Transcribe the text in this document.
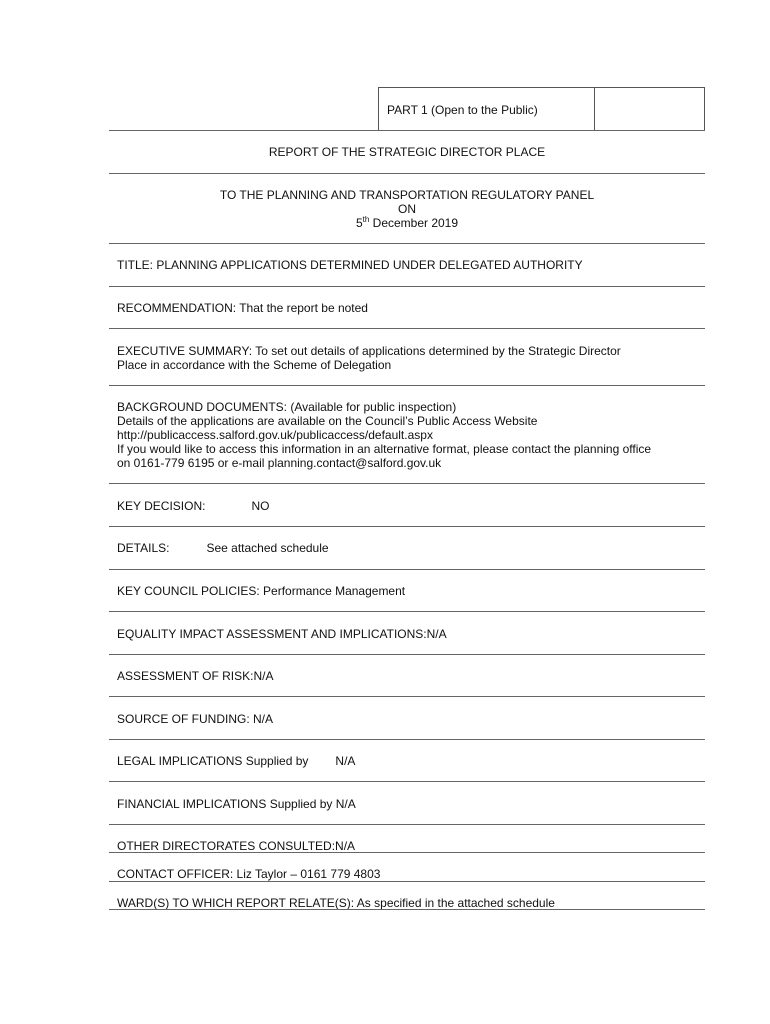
PART 1 (Open to the Public)
REPORT OF THE STRATEGIC DIRECTOR PLACE
TO THE PLANNING AND TRANSPORTATION REGULATORY PANEL
ON
5th December 2019
TITLE: PLANNING APPLICATIONS DETERMINED UNDER DELEGATED AUTHORITY
RECOMMENDATION: That the report be noted
EXECUTIVE SUMMARY: To set out details of applications determined by the Strategic Director
Place in accordance with the Scheme of Delegation
BACKGROUND DOCUMENTS: (Available for public inspection)
Details of the applications are available on the Council’s Public Access Website
http://publicaccess.salford.gov.uk/publicaccess/default.aspx
If you would like to access this information in an alternative format, please contact the planning office
on 0161-779 6195 or e-mail planning.contact@salford.gov.uk
KEY DECISION:	NO
DETAILS:	See attached schedule
KEY COUNCIL POLICIES: Performance Management
EQUALITY IMPACT ASSESSMENT AND IMPLICATIONS:N/A
ASSESSMENT OF RISK:N/A
SOURCE OF FUNDING: N/A
LEGAL IMPLICATIONS Supplied by N/A
FINANCIAL IMPLICATIONS Supplied by N/A
OTHER DIRECTORATES CONSULTED:N/A
CONTACT OFFICER: Liz Taylor – 0161 779 4803
WARD(S) TO WHICH REPORT RELATE(S): As specified in the attached schedule
